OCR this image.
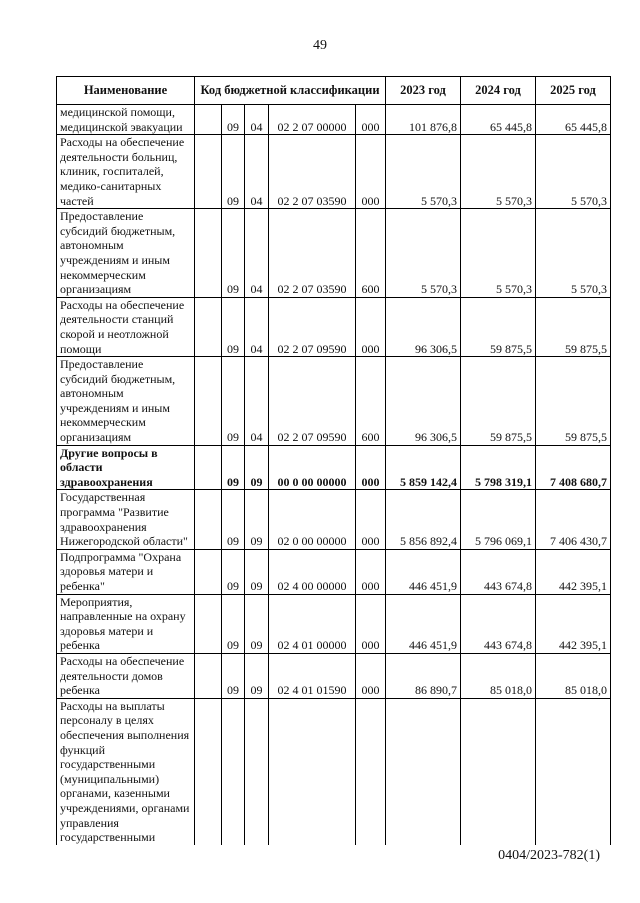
49
Наименование	Код бюджетной классификации					2023 год	2024 год	2025 год
медицинской помощи, медицинской эвакуации		09	04	02 2 07 00000	000	101 876,8	65 445,8	65 445,8
Расходы на обеспечение деятельности больниц, клиник, госпиталей, медико-санитарных частей		09	04	02 2 07 03590	000	5 570,3	5 570,3	5 570,3
Предоставление субсидий бюджетным, автономным учреждениям и иным некоммерческим организациям		09	04	02 2 07 03590	600	5 570,3	5 570,3	5 570,3
Расходы на обеспечение деятельности станций скорой и неотложной помощи		09	04	02 2 07 09590	000	96 306,5	59 875,5	59 875,5
Предоставление субсидий бюджетным, автономным учреждениям и иным некоммерческим организациям		09	04	02 2 07 09590	600	96 306,5	59 875,5	59 875,5
Другие вопросы в области здравоохранения		09	09	00 0 00 00000	000	5 859 142,4	5 798 319,1	7 408 680,7
Государственная программа "Развитие здравоохранения Нижегородской области"		09	09	02 0 00 00000	000	5 856 892,4	5 796 069,1	7 406 430,7
Подпрограмма "Охрана здоровья матери и ребенка"		09	09	02 4 00 00000	000	446 451,9	443 674,8	442 395,1
Мероприятия, направленные на охрану здоровья матери и ребенка		09	09	02 4 01 00000	000	446 451,9	443 674,8	442 395,1
Расходы на обеспечение деятельности домов ребенка		09	09	02 4 01 01590	000	86 890,7	85 018,0	85 018,0
Расходы на выплаты персоналу в целях обеспечения выполнения функций государственными (муниципальными) органами, казенными учреждениями, органами управления государственными								
0404/2023-782(1)
